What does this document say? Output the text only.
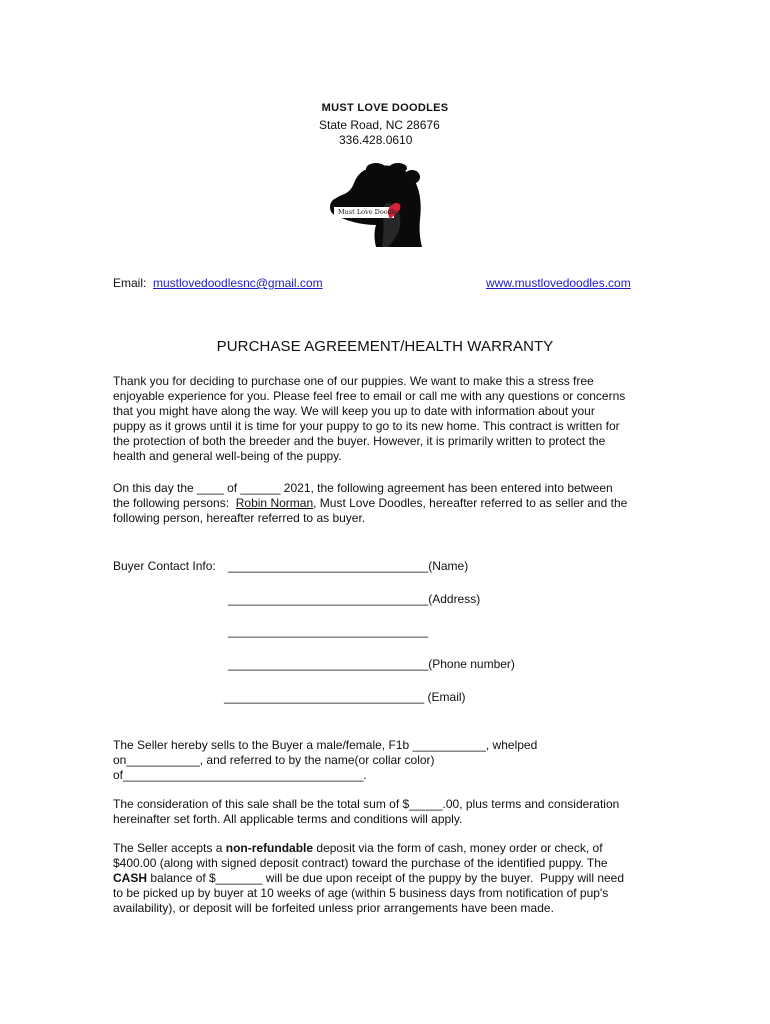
MUST LOVE DOODLES
State Road, NC 28676
336.428.0610
Must Love Doodles
Email: mustlovedoodlesnc@gmail.com	www.mustlovedoodles.com
PURCHASE AGREEMENT/HEALTH WARRANTY
Thank you for deciding to purchase one of our puppies. We want to make this a stress free
enjoyable experience for you. Please feel free to email or call me with any questions or concerns
that you might have along the way. We will keep you up to date with information about your
puppy as it grows until it is time for your puppy to go to its new home. This contract is written for
the protection of both the breeder and the buyer. However, it is primarily written to protect the
health and general well-being of the puppy.
On this day the ____ of ______ 2021, the following agreement has been entered into between
the following persons:  Robin Norman, Must Love Doodles, hereafter referred to as seller and the
following person, hereafter referred to as buyer.
Buyer Contact Info: ______________________________(Name)
______________________________(Address)
______________________________
______________________________(Phone number)
______________________________ (Email)
The Seller hereby sells to the Buyer a male/female, F1b ___________, whelped
on___________, and referred to by the name(or collar color)
of____________________________________.
The consideration of this sale shall be the total sum of $_____.00, plus terms and consideration
hereinafter set forth. All applicable terms and conditions will apply.
The Seller accepts a non-refundable deposit via the form of cash, money order or check, of
$400.00 (along with signed deposit contract) toward the purchase of the identified puppy. The
CASH balance of $_______ will be due upon receipt of the puppy by the buyer.  Puppy will need
to be picked up by buyer at 10 weeks of age (within 5 business days from notification of pup's
availability), or deposit will be forfeited unless prior arrangements have been made.
